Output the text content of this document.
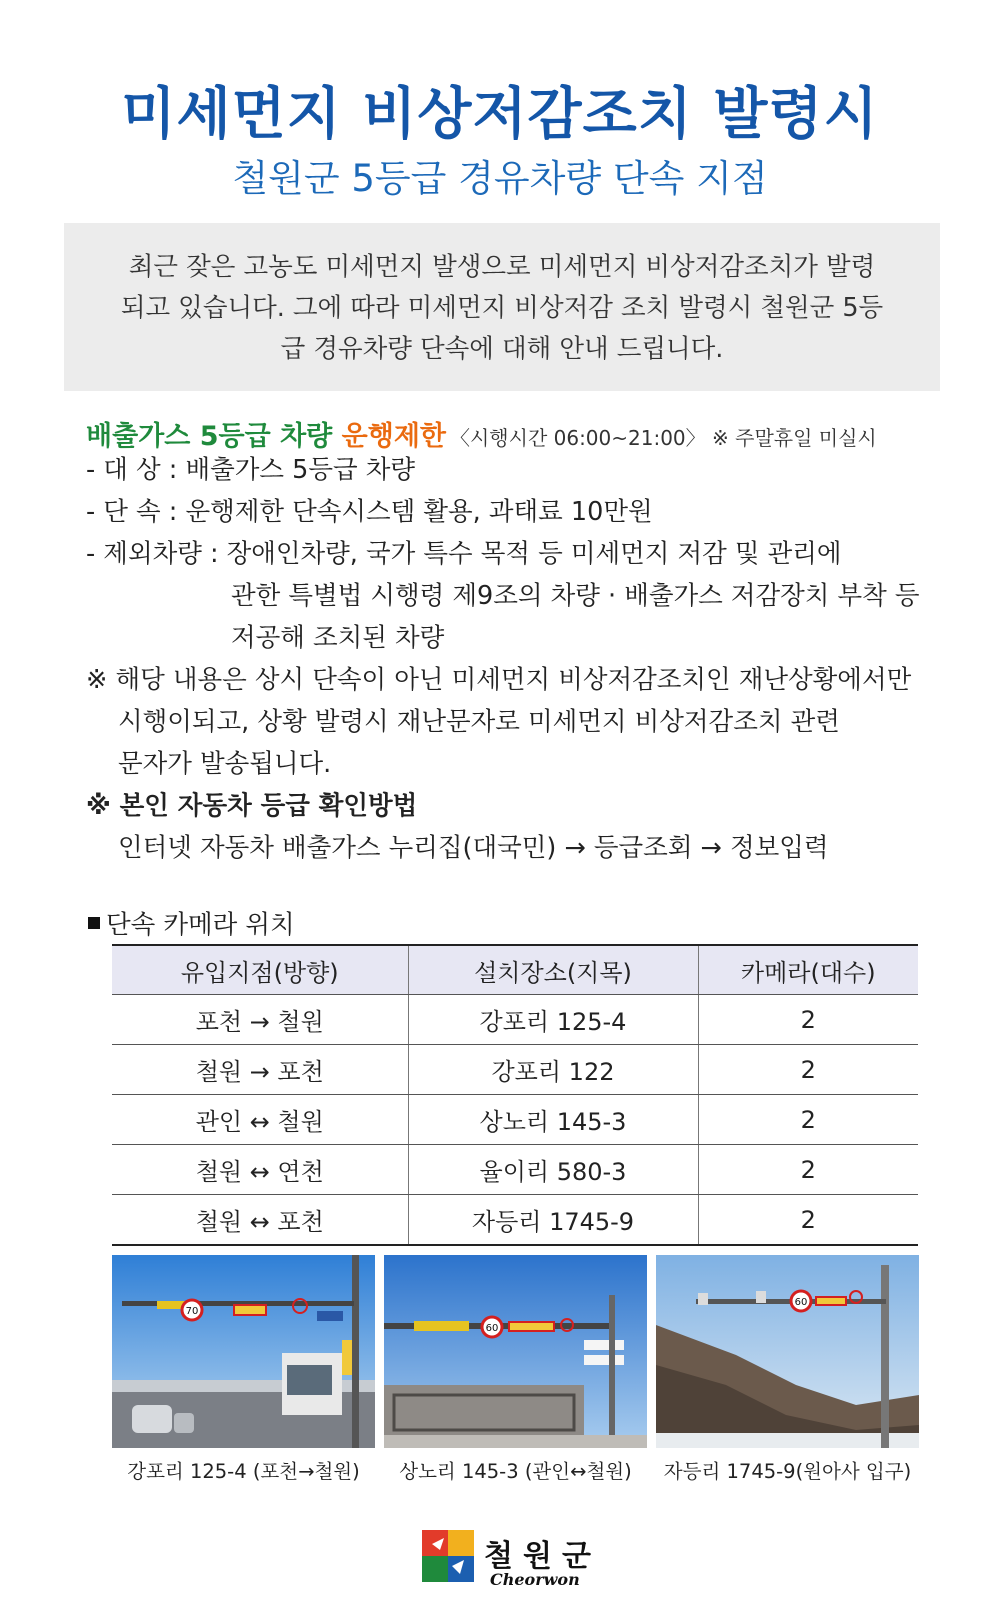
미세먼지 비상저감조치 발령시
철원군 5등급 경유차량 단속 지점
최근 잦은 고농도 미세먼지 발생으로 미세먼지 비상저감조치가 발령
되고 있습니다. 그에 따라 미세먼지 비상저감 조치 발령시 철원군 5등
급 경유차량 단속에 대해 안내 드립니다.
배출가스 5등급 차량 운행제한 〈시행시간 06:00~21:00〉 ※ 주말휴일 미실시
- 대 상 : 배출가스 5등급 차량
- 단 속 : 운행제한 단속시스템 활용, 과태료 10만원
- 제외차량 : 장애인차량, 국가 특수 목적 등 미세먼지 저감 및 관리에
관한 특별법 시행령 제9조의 차량 · 배출가스 저감장치 부착 등
저공해 조치된 차량
※ 해당 내용은 상시 단속이 아닌 미세먼지 비상저감조치인 재난상황에서만
시행이되고, 상황 발령시 재난문자로 미세먼지 비상저감조치 관련
문자가 발송됩니다.
※ 본인 자동차 등급 확인방법
인터넷 자동차 배출가스 누리집(대국민) → 등급조회 → 정보입력
단속 카메라 위치
유입지점(방향)	설치장소(지목)	카메라(대수)
포천 → 철원	강포리 125-4	2
철원 → 포천	강포리 122	2
관인 ↔ 철원	상노리 145-3	2
철원 ↔ 연천	율이리 580-3	2
철원 ↔ 포천	자등리 1745-9	2
70
강포리 125-4 (포천→철원)
60
상노리 145-3 (관인↔철원)
60
자등리 1745-9(원아사 입구)
철원군
Cheorwon
